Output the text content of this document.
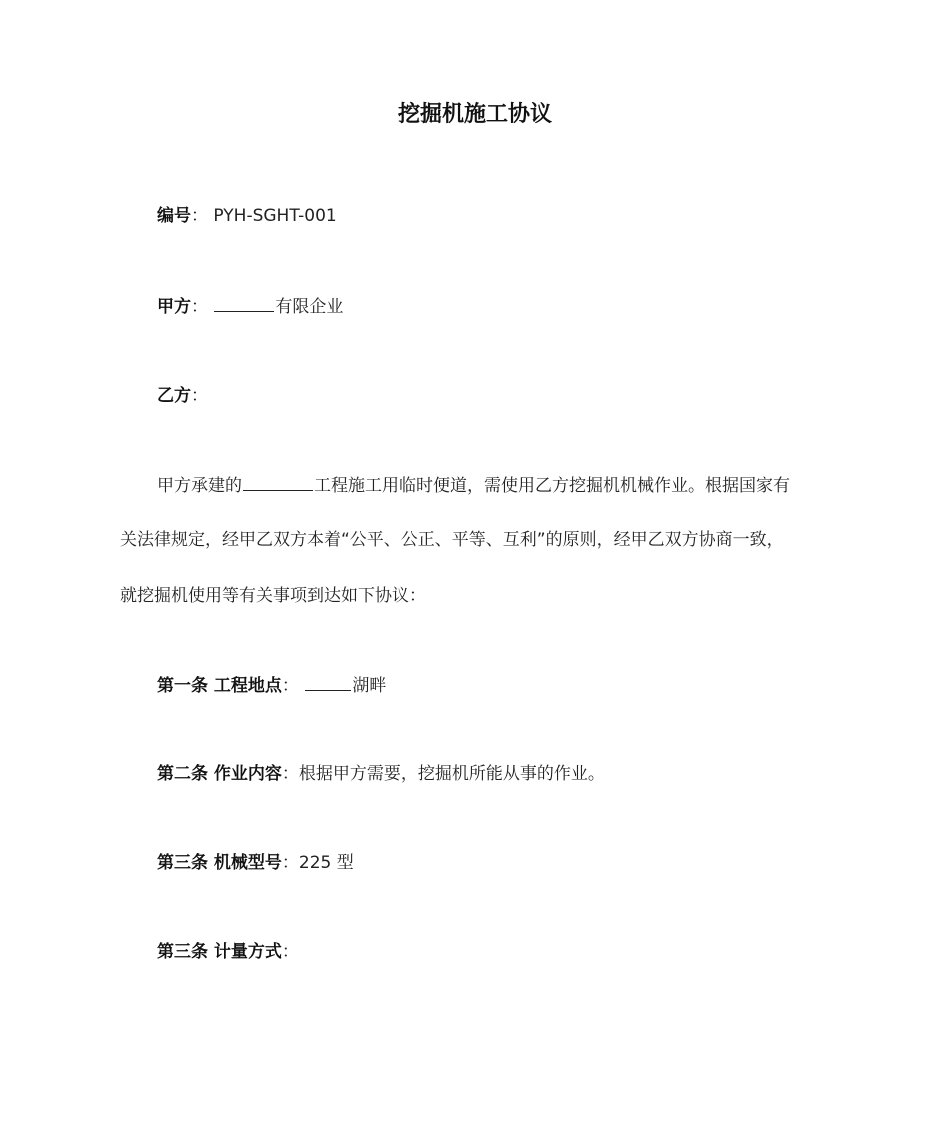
挖掘机施工协议
编号： PYH-SGHT-001
甲方：	有限企业
乙方：
甲方承建的	工程施工用临时便道，需使用乙方挖掘机机械作业。根据国家有
关法律规定，经甲乙双方本着“公平、公正、平等、互利”的原则，经甲乙双方协商一致，
就挖掘机使用等有关事项到达如下协议：
第一条 工程地点：	湖畔
第二条 作业内容：根据甲方需要，挖掘机所能从事的作业。
第三条 机械型号：225 型
第三条 计量方式：
